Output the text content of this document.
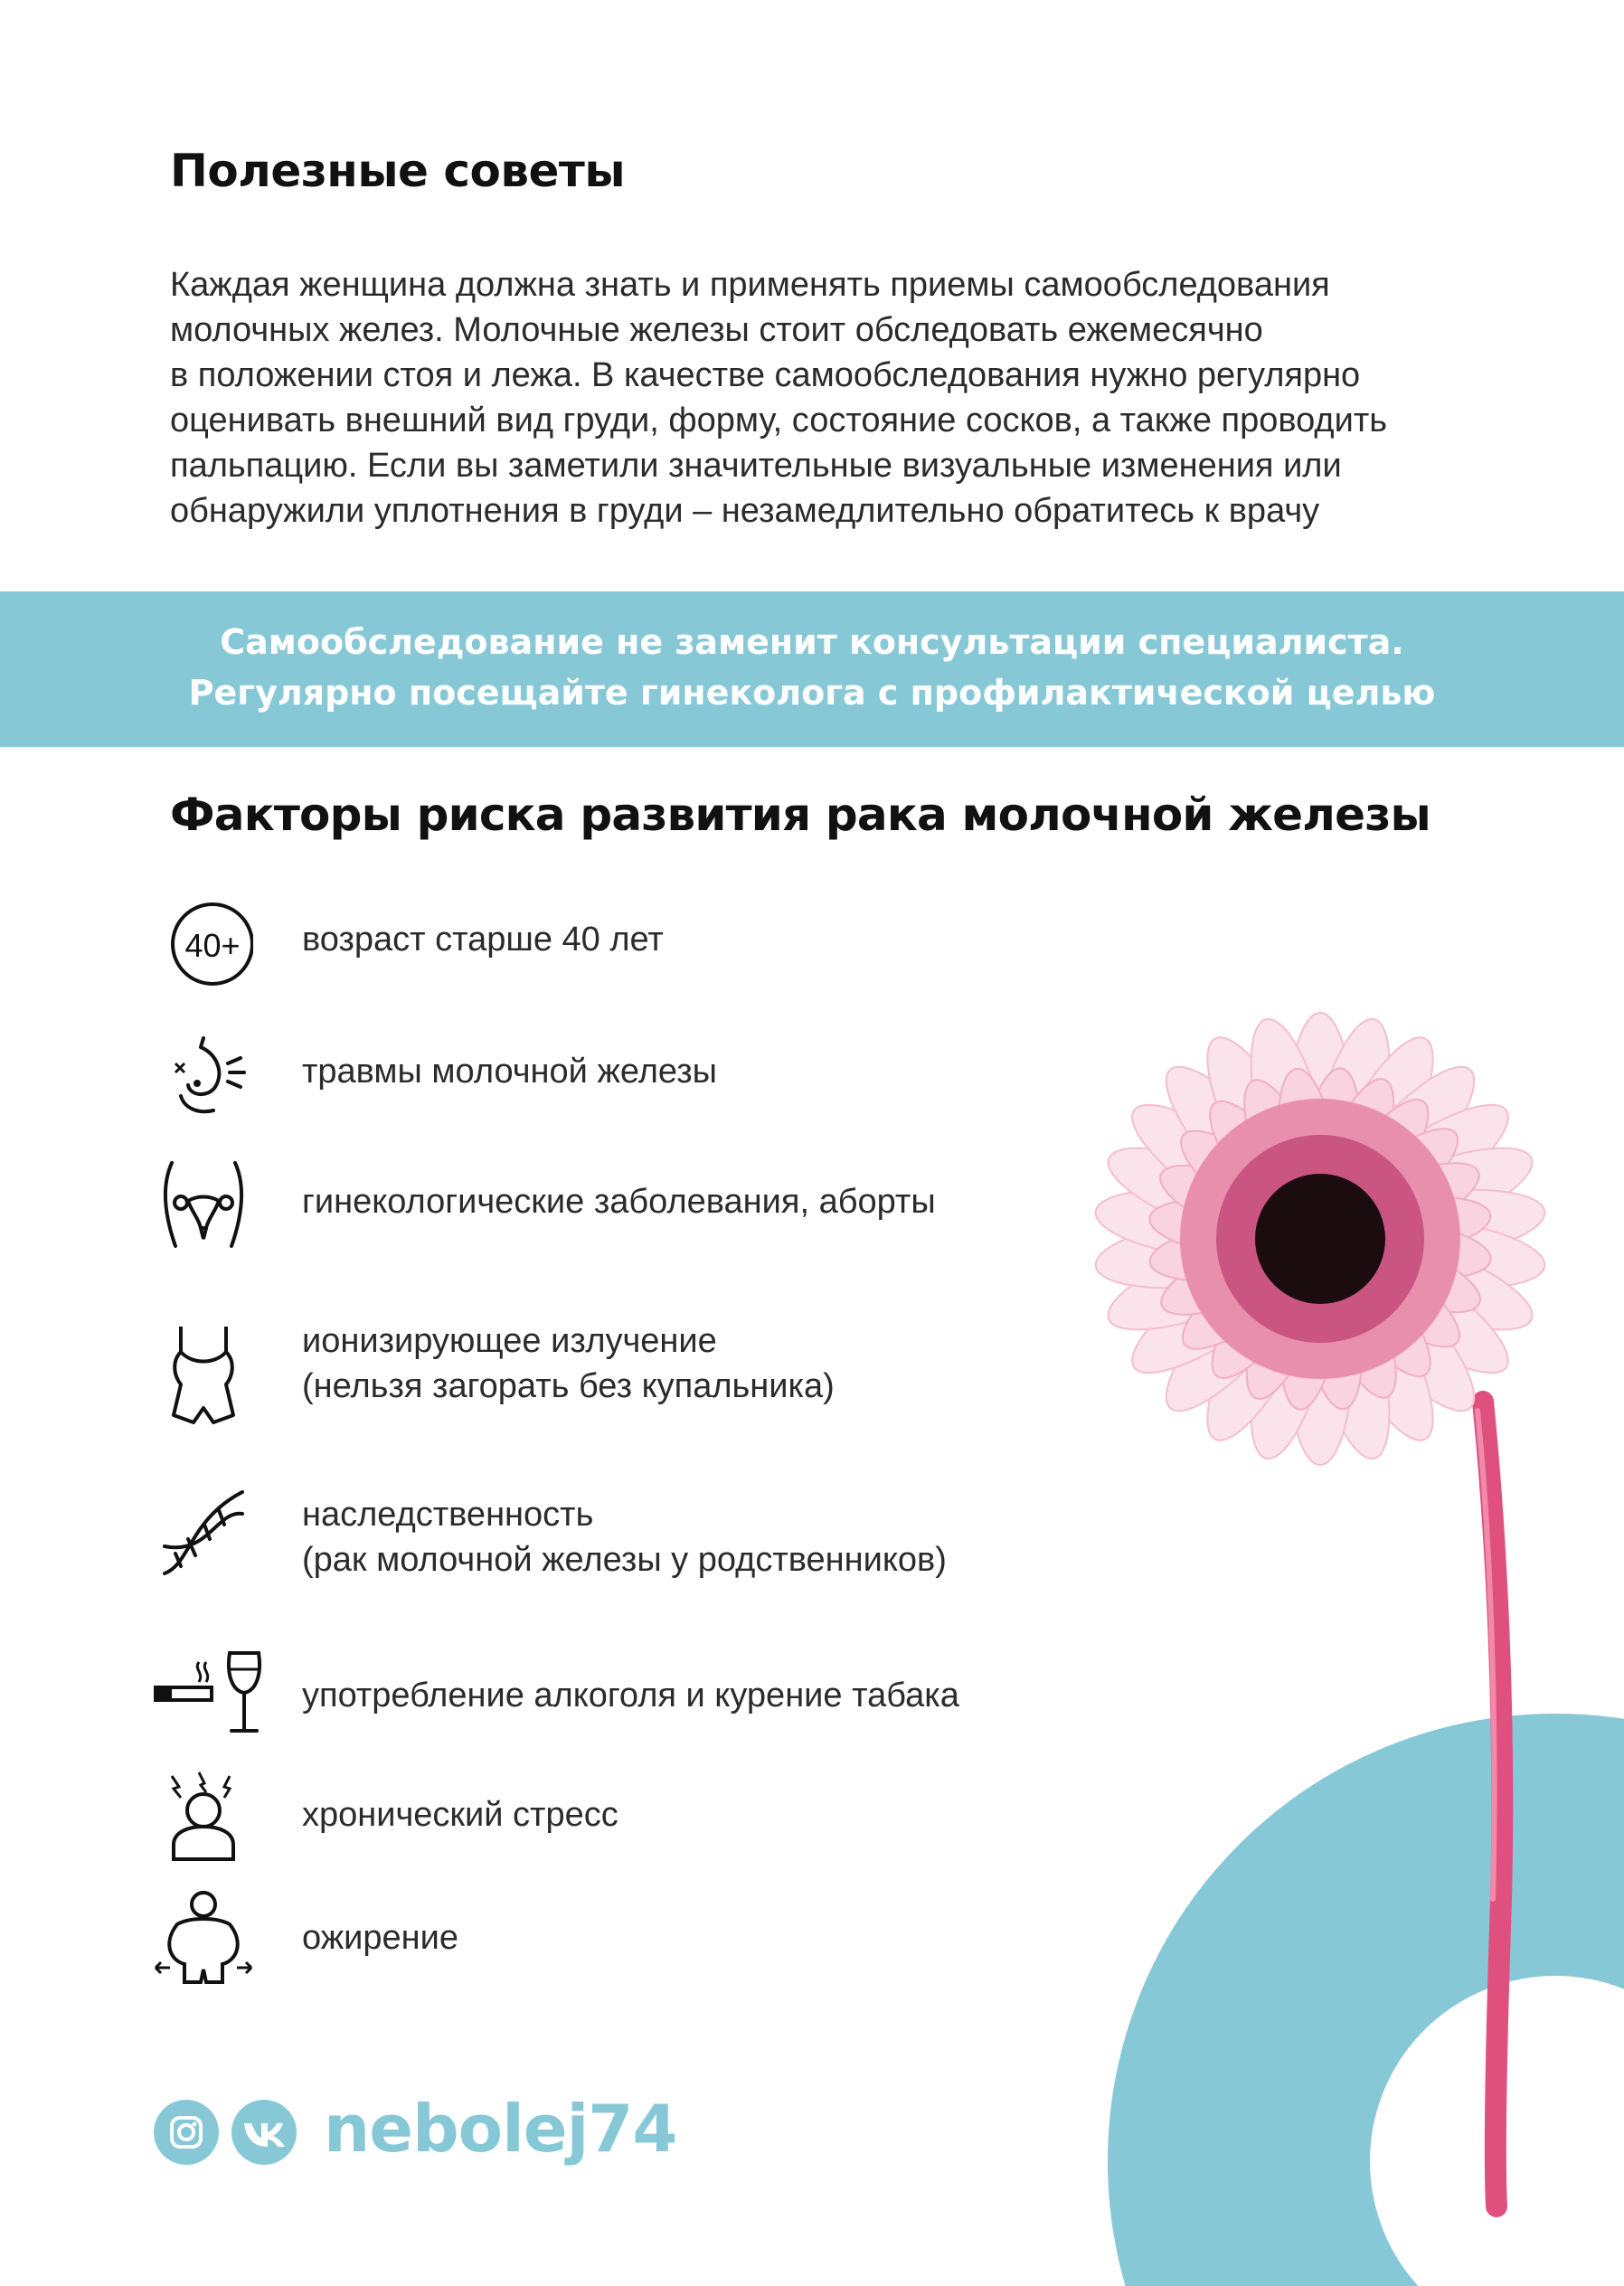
Полезные советы
Каждая женщина должна знать и применять приемы самообследования
молочных желез. Молочные железы стоит обследовать ежемесячно
в положении стоя и лежа. В качестве самообследования нужно регулярно
оценивать внешний вид груди, форму, состояние сосков, а также проводить
пальпацию. Если вы заметили значительные визуальные изменения или
обнаружили уплотнения в груди – незамедлительно обратитесь к врачу
Самообследование не заменит консультации специалиста.
Регулярно посещайте гинеколога с профилактической целью
Факторы риска развития рака молочной железы
40+ возраст старше 40 лет
травмы молочной железы
гинекологические заболевания, аборты
ионизирующее излучение
(нельзя загорать без купальника)
наследственность
(рак молочной железы у родственников)
употребление алкоголя и курение табака
хронический стресс
ожирение
nebolej74
